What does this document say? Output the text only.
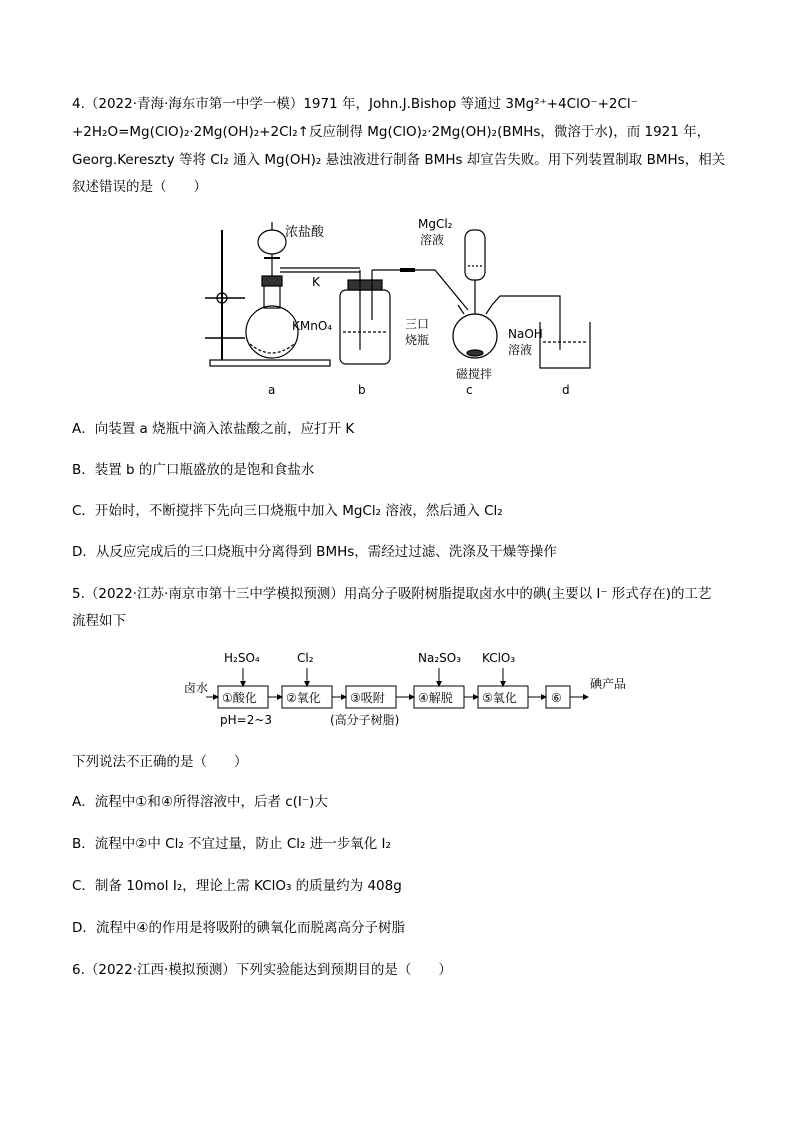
4.（2022·青海·海东市第一中学一模）1971 年，John.J.Bishop 等通过 3Mg²⁺+4ClO⁻+2Cl⁻
+2H₂O=Mg(ClO)₂·2Mg(OH)₂+2Cl₂↑反应制得 Mg(ClO)₂·2Mg(OH)₂(BMHs，微溶于水)，而 1921 年，
Georg.Kereszty 等将 Cl₂ 通入 Mg(OH)₂ 悬浊液进行制备 BMHs 却宣告失败。用下列装置制取 BMHs，相关
叙述错误的是（　　）
浓盐酸
K
KMnO₄
MgCl₂
溶液
三口
烧瓶	NaOH
溶液
磁搅拌
a	b	c	d
A．向装置 a 烧瓶中滴入浓盐酸之前，应打开 K
B．装置 b 的广口瓶盛放的是饱和食盐水
C．开始时，不断搅拌下先向三口烧瓶中加入 MgCl₂ 溶液，然后通入 Cl₂
D．从反应完成后的三口烧瓶中分离得到 BMHs，需经过过滤、洗涤及干燥等操作
5.（2022·江苏·南京市第十三中学模拟预测）用高分子吸附树脂提取卤水中的碘(主要以 I⁻ 形式存在)的工艺
流程如下
卤水
①酸化 ②氧化 ③吸附	④解脱 ⑤氧化	⑥
碘产品
H₂SO₄	Cl₂	Na₂SO₃ KClO₃
pH=2~3	(高分子树脂)
下列说法不正确的是（　　）
A．流程中①和④所得溶液中，后者 c(I⁻)大
B．流程中②中 Cl₂ 不宜过量，防止 Cl₂ 进一步氧化 I₂
C．制备 10mol I₂，理论上需 KClO₃ 的质量约为 408g
D．流程中④的作用是将吸附的碘氧化而脱离高分子树脂
6.（2022·江西·模拟预测）下列实验能达到预期目的是（　　）
